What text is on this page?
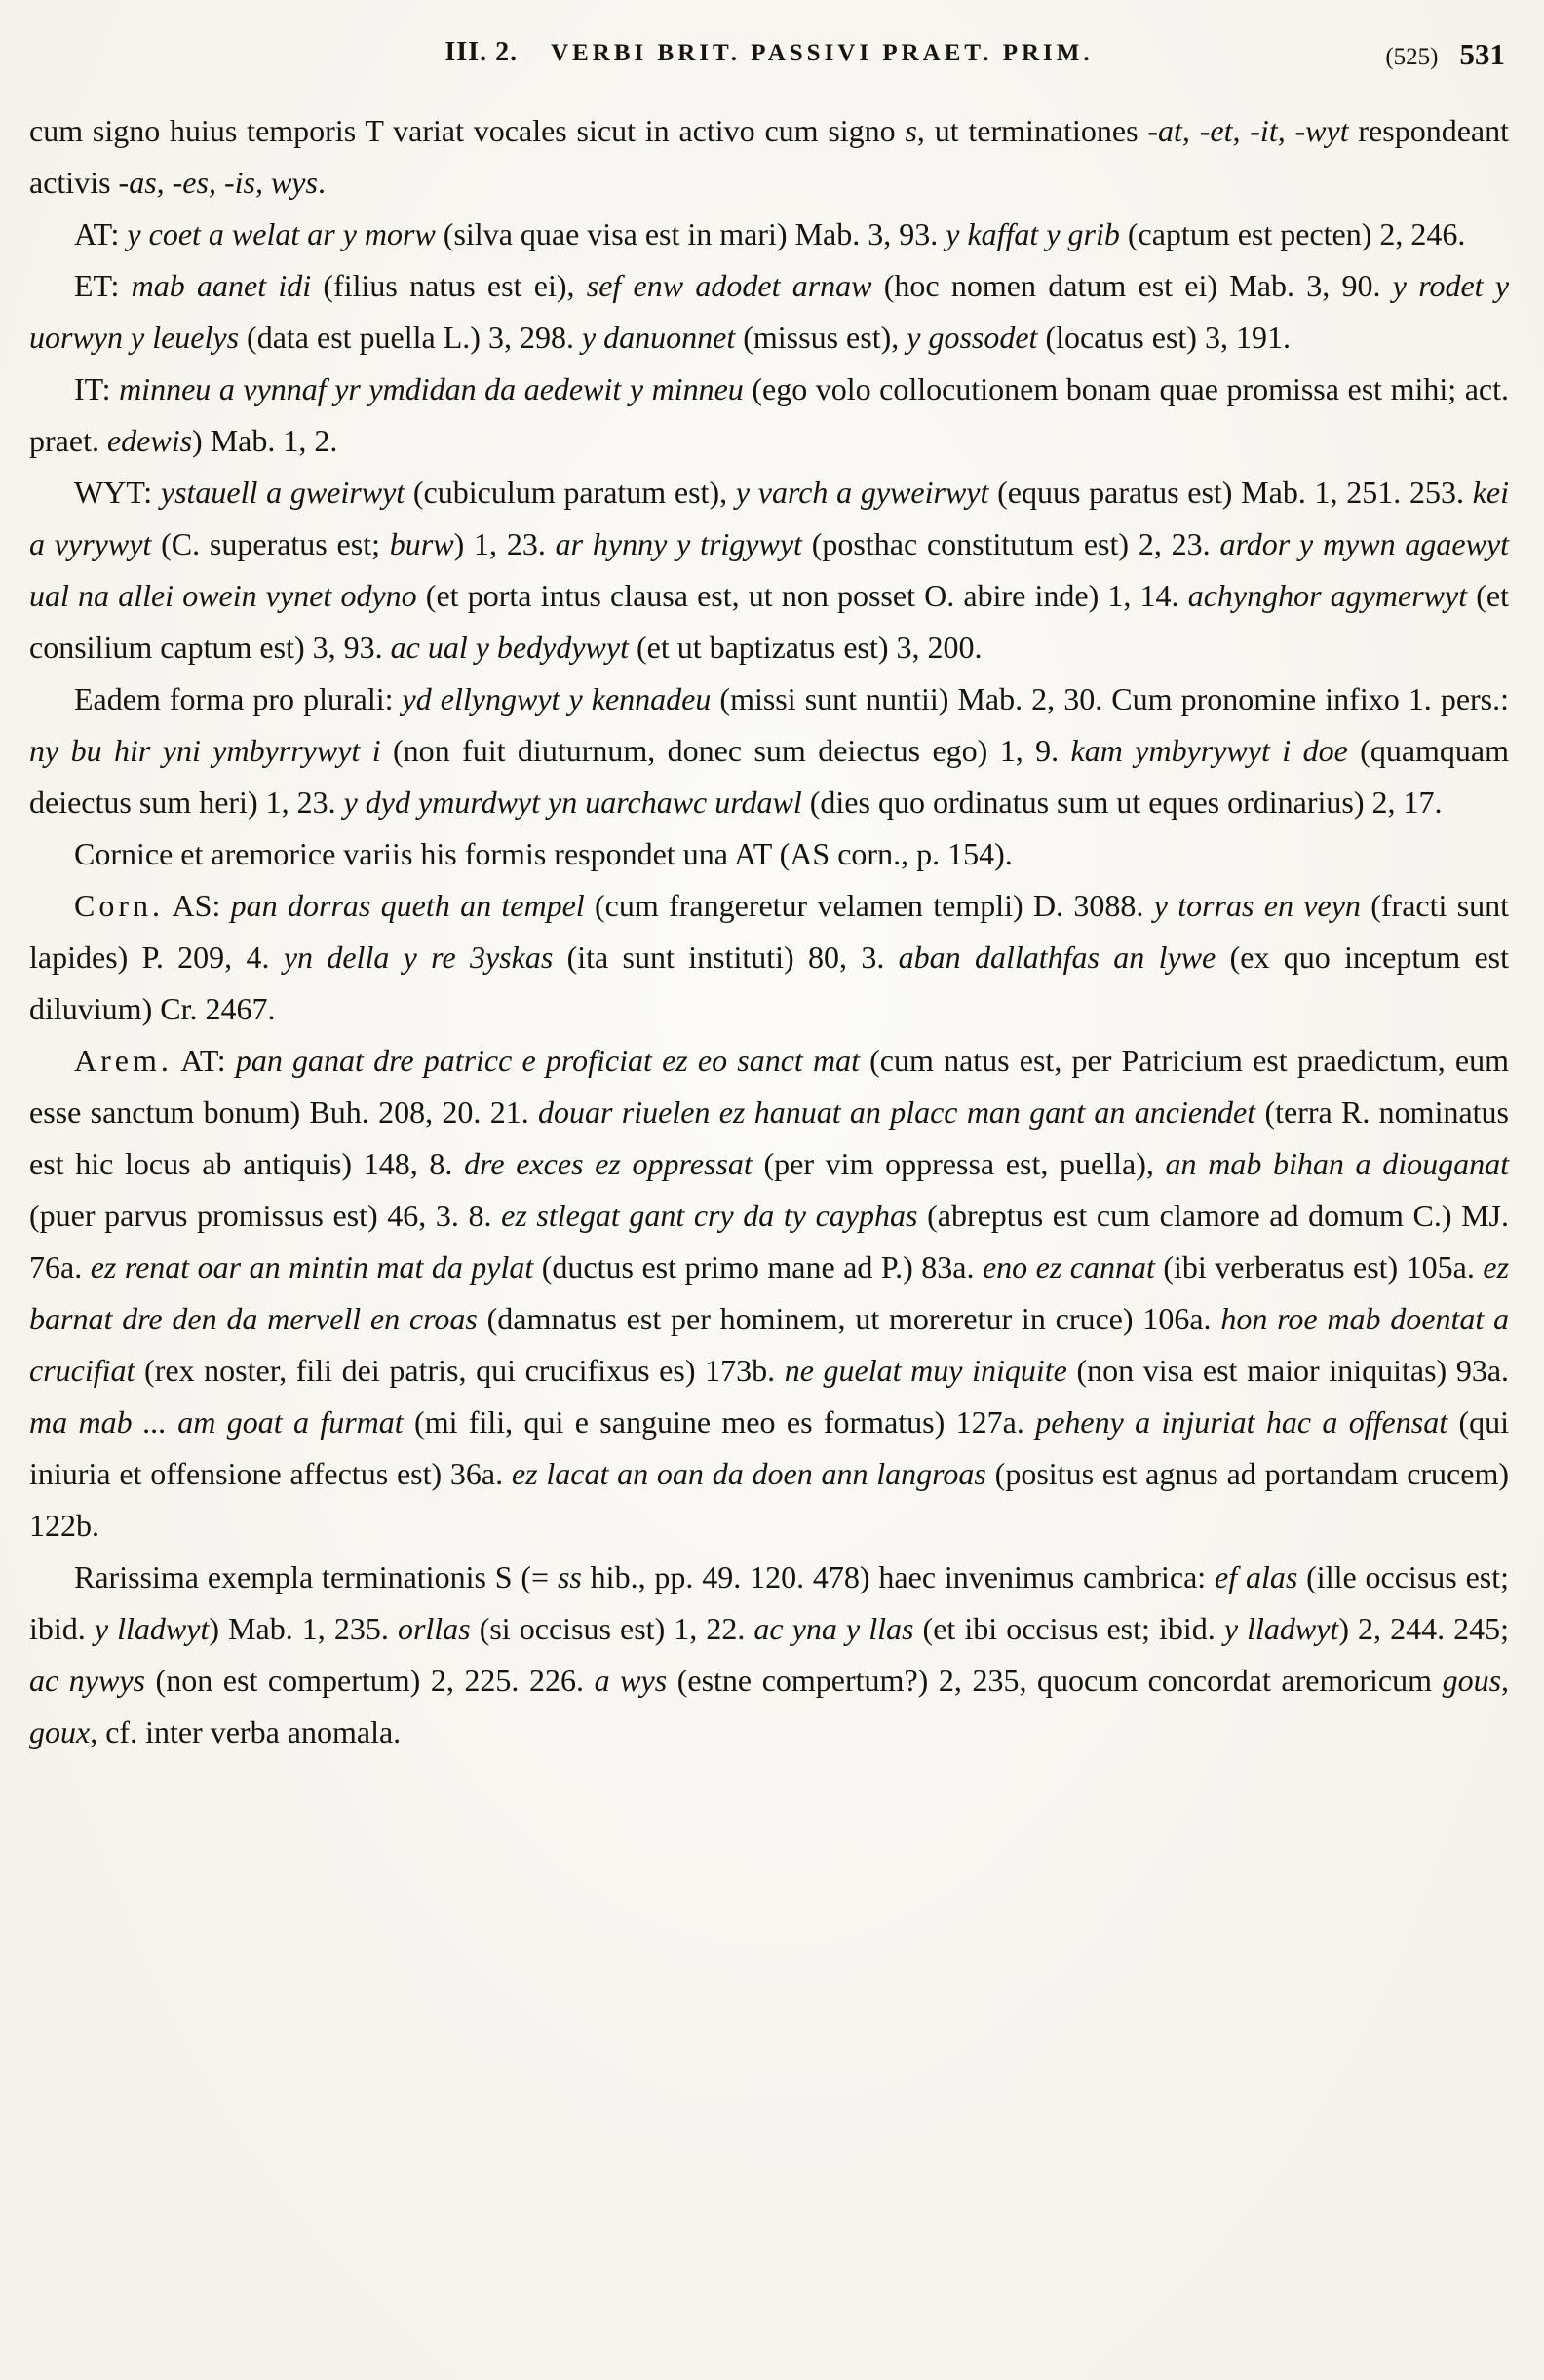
III. 2. VERBI BRIT. PASSIVI PRAET. PRIM.	(525) 531

cum signo huius temporis T variat vocales sicut in activo cum signo s, ut terminationes -at, -et, -it, -wyt respondeant activis -as, -es, -is, wys.

AT: y coet a welat ar y morw (silva quae visa est in mari) Mab. 3, 93. y kaffat y grib (captum est pecten) 2, 246.

ET: mab aanet idi (filius natus est ei), sef enw adodet arnaw (hoc nomen datum est ei) Mab. 3, 90. y rodet y uorwyn y leuelys (data est puella L.) 3, 298. y danuonnet (missus est), y gossodet (locatus est) 3, 191.

IT: minneu a vynnaf yr ymdidan da aedewit y minneu (ego volo collocutionem bonam quae promissa est mihi; act. praet. edewis) Mab. 1, 2.

WYT: ystauell a gweirwyt (cubiculum paratum est), y varch a gyweirwyt (equus paratus est) Mab. 1, 251. 253. kei a vyrywyt (C. superatus est; burw) 1, 23. ar hynny y trigywyt (posthac constitutum est) 2, 23. ardor y mywn agaewyt ual na allei owein vynet odyno (et porta intus clausa est, ut non posset O. abire inde) 1, 14. achynghor agymerwyt (et consilium captum est) 3, 93. ac ual y bedydywyt (et ut baptizatus est) 3, 200.

Eadem forma pro plurali: yd ellyngwyt y kennadeu (missi sunt nuntii) Mab. 2, 30. Cum pronomine infixo 1. pers.: ny bu hir yni ymbyrrywyt i (non fuit diuturnum, donec sum deiectus ego) 1, 9. kam ymbyrywyt i doe (quamquam deiectus sum heri) 1, 23. y dyd ymurdwyt yn uarchawc urdawl (dies quo ordinatus sum ut eques ordinarius) 2, 17.

Cornice et aremorice variis his formis respondet una AT (AS corn., p. 154).

Corn. AS: pan dorras queth an tempel (cum frangeretur velamen templi) D. 3088. y torras en veyn (fracti sunt lapides) P. 209, 4. yn della y re 3yskas (ita sunt instituti) 80, 3. aban dallathfas an lywe (ex quo inceptum est diluvium) Cr. 2467.

Arem. AT: pan ganat dre patricc e proficiat ez eo sanct mat (cum natus est, per Patricium est praedictum, eum esse sanctum bonum) Buh. 208, 20. 21. douar riuelen ez hanuat an placc man gant an anciendet (terra R. nominatus est hic locus ab antiquis) 148, 8. dre exces ez oppressat (per vim oppressa est, puella), an mab bihan a diouganat (puer parvus promissus est) 46, 3. 8. ez stlegat gant cry da ty cayphas (abreptus est cum clamore ad domum C.) MJ. 76a. ez renat oar an mintin mat da pylat (ductus est primo mane ad P.) 83a. eno ez cannat (ibi verberatus est) 105a. ez barnat dre den da mervell en croas (damnatus est per hominem, ut moreretur in cruce) 106a. hon roe mab doentat a crucifiat (rex noster, fili dei patris, qui crucifixus es) 173b. ne guelat muy iniquite (non visa est maior iniquitas) 93a. ma mab ... am goat a furmat (mi fili, qui e sanguine meo es formatus) 127a. peheny a injuriat hac a offensat (qui iniuria et offensione affectus est) 36a. ez lacat an oan da doen ann langroas (positus est agnus ad portandam crucem) 122b.

Rarissima exempla terminationis S (= ss hib., pp. 49. 120. 478) haec invenimus cambrica: ef alas (ille occisus est; ibid. y lladwyt) Mab. 1, 235. orllas (si occisus est) 1, 22. ac yna y llas (et ibi occisus est; ibid. y lladwyt) 2, 244. 245; ac nywys (non est compertum) 2, 225. 226. a wys (estne compertum?) 2, 235, quocum concordat aremoricum gous, goux, cf. inter verba anomala.
